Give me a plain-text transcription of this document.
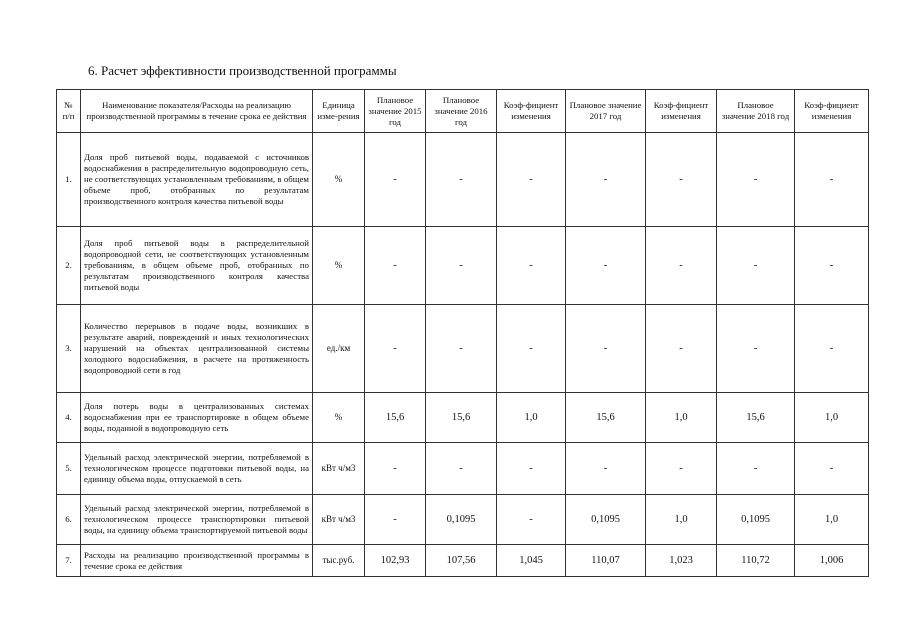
6. Расчет эффективности производственной программы
№ п/п	Наименование показателя/Расходы на реализацию производственной программы в течение срока ее действия	Единица изме-рения	Плановое значение 2015 год	Плановое значение 2016 год	Коэф-фициент изменения	Плановое значение 2017 год	Коэф-фициент изменения	Плановое значение 2018 год	Коэф-фициент изменения
1.	Доля проб питьевой воды, подаваемой с источников водоснабжения в распределительную водопроводную сеть, не соответствующих установленным требованиям, в общем объеме проб, отобранных по результатам производственного контроля качества питьевой воды	%	-	-	-	-	-	-	-
2.	Доля проб питьевой воды в распределительной водопроводной сети, не соответствующих установленным требованиям, в общем объеме проб, отобранных по результатам производственного контроля качества питьевой воды	%	-	-	-	-	-	-	-
3.	Количество перерывов в подаче воды, возникших в результате аварий, повреждений и иных технологических нарушений на объектах централизованной системы холодного водоснабжения, в расчете на протяженность водопроводной сети в год	ед./км	-	-	-	-	-	-	-
4.	Доля потерь воды в централизованных системах водоснабжения при ее транспортировке в общем объеме воды, поданной в водопроводную сеть	%	15,6	15,6	1,0	15,6	1,0	15,6	1,0
5.	Удельный расход электрической энергии, потребляемой в технологическом процессе подготовки питьевой воды, на единицу объема воды, отпускаемой в сеть	кВт ч/м3	-	-	-	-	-	-	-
6.	Удельный расход электрической энергии, потребляемой в технологическом процессе транспортировки питьевой воды, на единицу объема транспортируемой питьевой воды	кВт ч/м3	-	0,1095	-	0,1095	1,0	0,1095	1,0
7.	Расходы на реализацию производственной программы в течение срока ее действия	тыс.руб.	102,93	107,56	1,045	110,07	1,023	110,72	1,006
